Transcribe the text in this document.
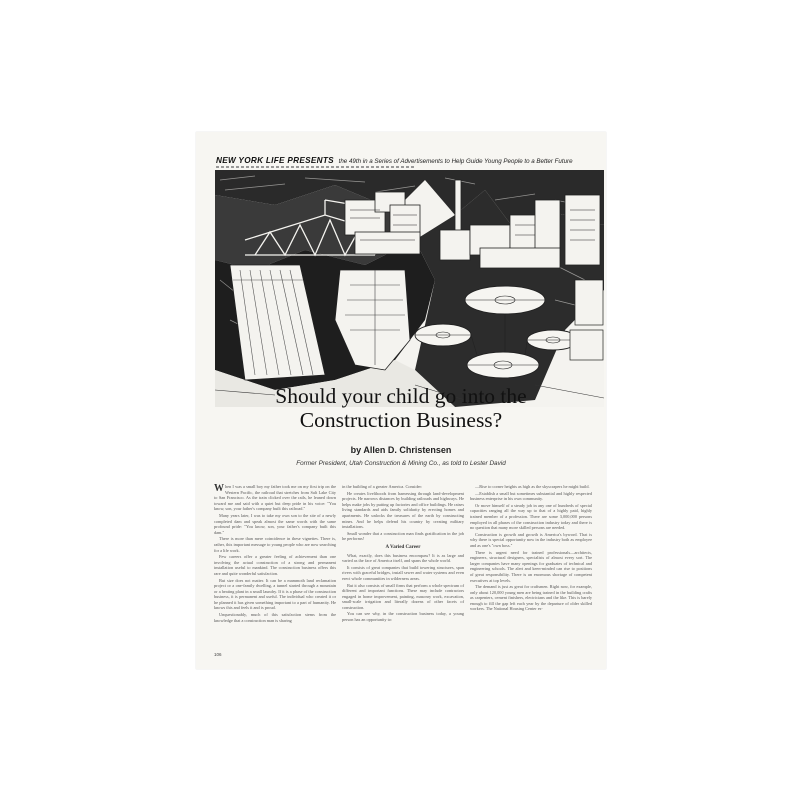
NEW YORK LIFE PRESENTS the 49th in a Series of Advertisements to Help Guide Young People to a Better Future
Should your child go into the
Construction Business?
by Allen D. Christensen
Former President, Utah Construction & Mining Co., as told to Lester David
W hen I was a small boy my father took me on my first trip on the Western Pacific, the railroad that stretches from Salt Lake City to San Francisco. As the train clicked over the rails, he leaned down toward me and said with a quiet but deep pride in his voice: "You know, son, your father's company built this railroad."

Many years later, I was to take my own son to the site of a newly completed dam and speak almost the same words with the same profound pride: "You know, son, your father's company built this dam."

There is more than mere coincidence in these vignettes. There is, rather, this important message to young people who are now searching for a life work.

Few careers offer a greater feeling of achievement than one involving the actual construction of a strong and permanent installation useful to mankind. The construction business offers this rare and quite wonderful satisfaction.

But size does not matter. It can be a mammoth land reclamation project or a one-family dwelling, a tunnel started through a mountain or a heating plant in a small laundry. If it is a phase of the construction business, it is permanent and useful. The individual who created it or he planned it has given something important to a part of humanity. He knows this and feels it and is proud.

Unquestionably, much of this satisfaction stems from the knowledge that a construction man is sharing

in the building of a greater America. Consider:

He creates livelihoods from harnessing through land-development projects. He narrows distances by building railroads and highways. He helps make jobs by putting up factories and office buildings. He raises living standards and aids family solidarity by erecting homes and apartments. He unlocks the treasures of the earth by constructing mines. And he helps defend his country by creating military installations.

Small wonder that a construction man finds gratification in the job he performs!

A Varied Career

What, exactly, does this business encompass? It is as large and varied as the face of America itself, and spans the whole world.

It consists of great companies that build towering structures, span rivers with graceful bridges, install sewer and water systems and even erect whole communities in wilderness areas.

But it also consists of small firms that perform a whole spectrum of different and important functions. These may include contractors engaged in home improvement, painting, masonry work, excavation, small-scale irrigation and literally dozens of other facets of construction.

You can see why, in the construction business today, a young person has an opportunity to:

—Rise to corner heights as high as the skyscrapers he might build.

—Establish a small but sometimes substantial and highly respected business enterprise in his own community.

Or move himself of a steady job in any one of hundreds of special capacities ranging all the way up to that of a highly paid, highly trained member of a profession. There are some 3,000,000 persons employed in all phases of the construction industry today and there is no question that many more skilled persons are needed.

Construction is growth and growth is America's byword. That is why there is special opportunity now in the industry both as employee and as one's "own boss."

There is urgent need for trained professionals—architects, engineers, structural designers, specialists of almost every sort. The larger companies have many openings for graduates of technical and engineering schools. The alert and keen-minded can rise to positions of great responsibility. There is an enormous shortage of competent executives at top levels.

The demand is just as great for craftsmen. Right now, for example, only about 120,000 young men are being trained in the building crafts as carpenters, cement finishers, electricians and the like. This is barely enough to fill the gap left each year by the departure of older skilled workers. The National Housing Center es-

106
